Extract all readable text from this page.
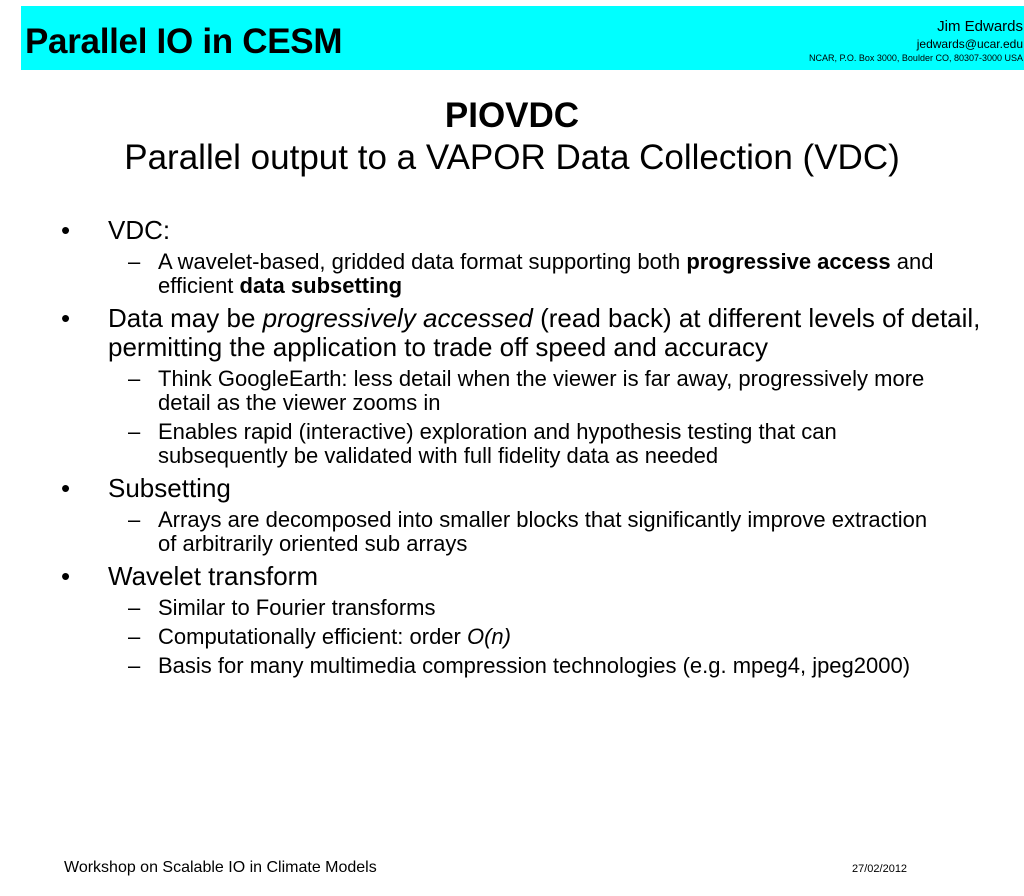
Parallel IO in CESM	Jim Edwards
jedwards@ucar.edu
NCAR, P.O. Box 3000, Boulder CO, 80307-3000 USA
PIOVDC
Parallel output to a VAPOR Data Collection (VDC)
• VDC:
– A wavelet-based, gridded data format supporting both progressive access and efficient data subsetting
• Data may be progressively accessed (read back) at different levels of detail, permitting the application to trade off speed and accuracy
– Think GoogleEarth: less detail when the viewer is far away, progressively more detail as the viewer zooms in
– Enables rapid (interactive) exploration and hypothesis testing that can subsequently be validated with full fidelity data as needed
• Subsetting
– Arrays are decomposed into smaller blocks that significantly improve extraction of arbitrarily oriented sub arrays
• Wavelet transform
– Similar to Fourier transforms
– Computationally efficient: order O(n)
– Basis for many multimedia compression technologies (e.g. mpeg4, jpeg2000)
Workshop on Scalable IO in Climate Models	27/02/2012
